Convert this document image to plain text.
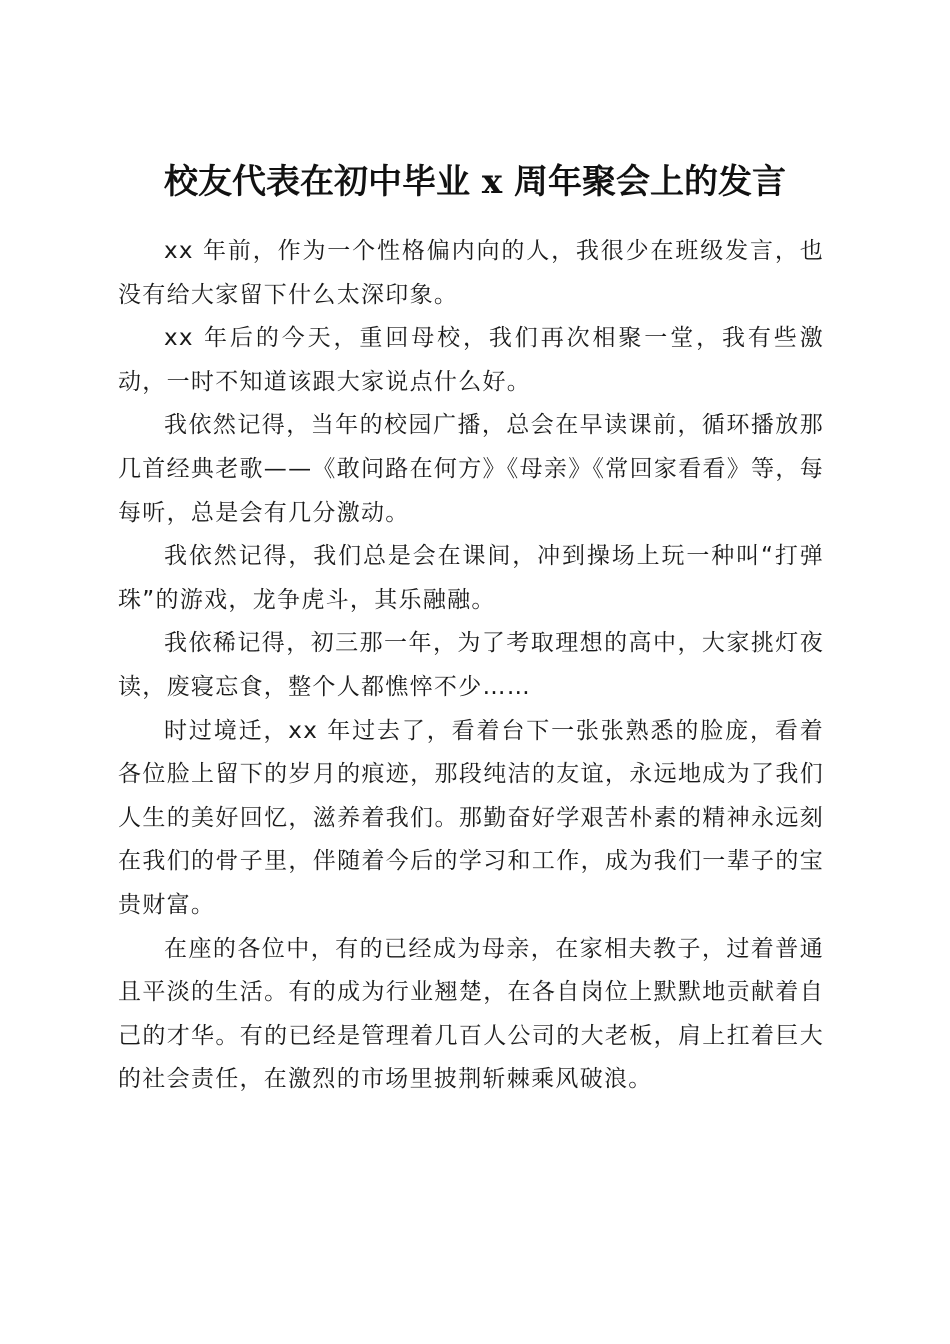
校友代表在初中毕业 x 周年聚会上的发言

xx 年前，作为一个性格偏内向的人，我很少在班级发言，也没有给大家留下什么太深印象。

xx 年后的今天，重回母校，我们再次相聚一堂，我有些激动，一时不知道该跟大家说点什么好。

我依然记得，当年的校园广播，总会在早读课前，循环播放那几首经典老歌——《敢问路在何方》《母亲》《常回家看看》等，每每听，总是会有几分激动。

我依然记得，我们总是会在课间，冲到操场上玩一种叫“打弹珠”的游戏，龙争虎斗，其乐融融。

我依稀记得，初三那一年，为了考取理想的高中，大家挑灯夜读，废寝忘食，整个人都憔悴不少……

时过境迁，xx 年过去了，看着台下一张张熟悉的脸庞，看着各位脸上留下的岁月的痕迹，那段纯洁的友谊，永远地成为了我们人生的美好回忆，滋养着我们。那勤奋好学艰苦朴素的精神永远刻在我们的骨子里，伴随着今后的学习和工作，成为我们一辈子的宝贵财富。

在座的各位中，有的已经成为母亲，在家相夫教子，过着普通且平淡的生活。有的成为行业翘楚，在各自岗位上默默地贡献着自己的才华。有的已经是管理着几百人公司的大老板，肩上扛着巨大的社会责任，在激烈的市场里披荆斩棘乘风破浪。
